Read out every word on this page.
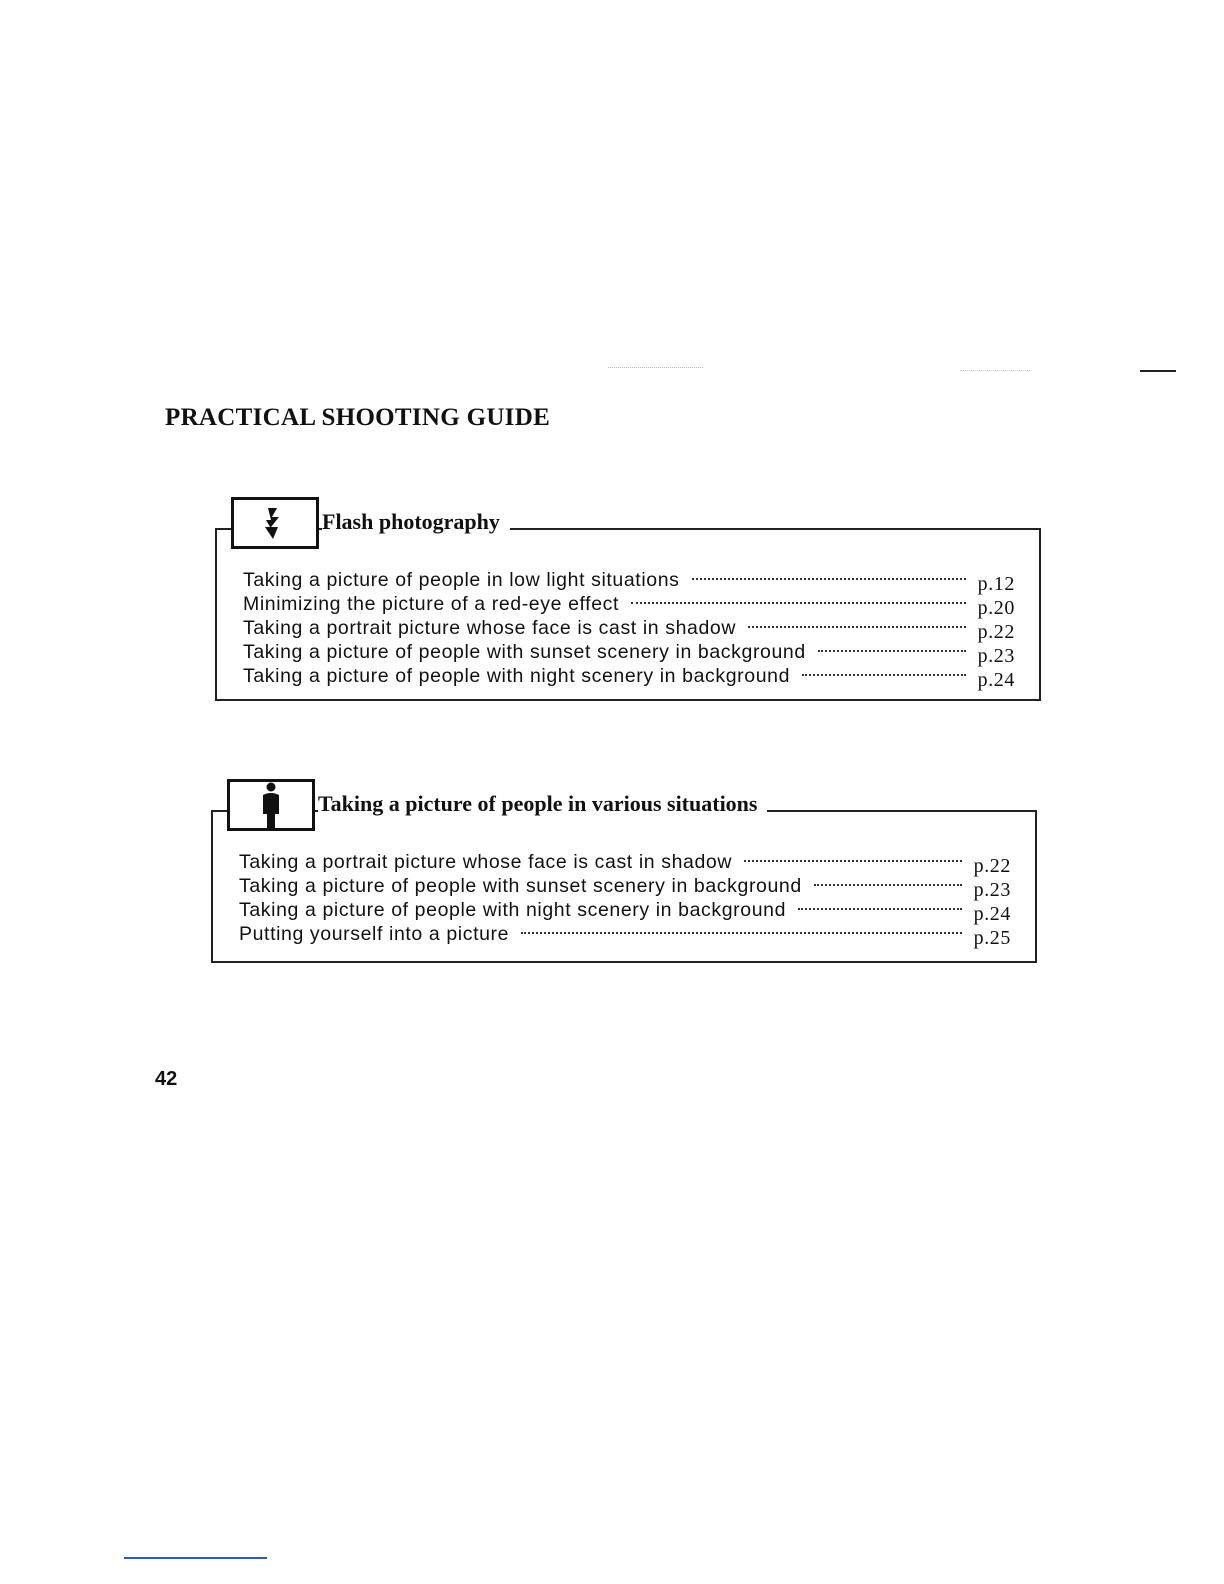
PRACTICAL SHOOTING GUIDE
Flash photography
Taking a picture of people in low light situations	p.12
Minimizing the picture of a red-eye effect	p.20
Taking a portrait picture whose face is cast in shadow	p.22
Taking a picture of people with sunset scenery in background	p.23
Taking a picture of people with night scenery in background	p.24
Taking a picture of people in various situations
Taking a portrait picture whose face is cast in shadow	p.22
Taking a picture of people with sunset scenery in background	p.23
Taking a picture of people with night scenery in background	p.24
Putting yourself into a picture	p.25
42
